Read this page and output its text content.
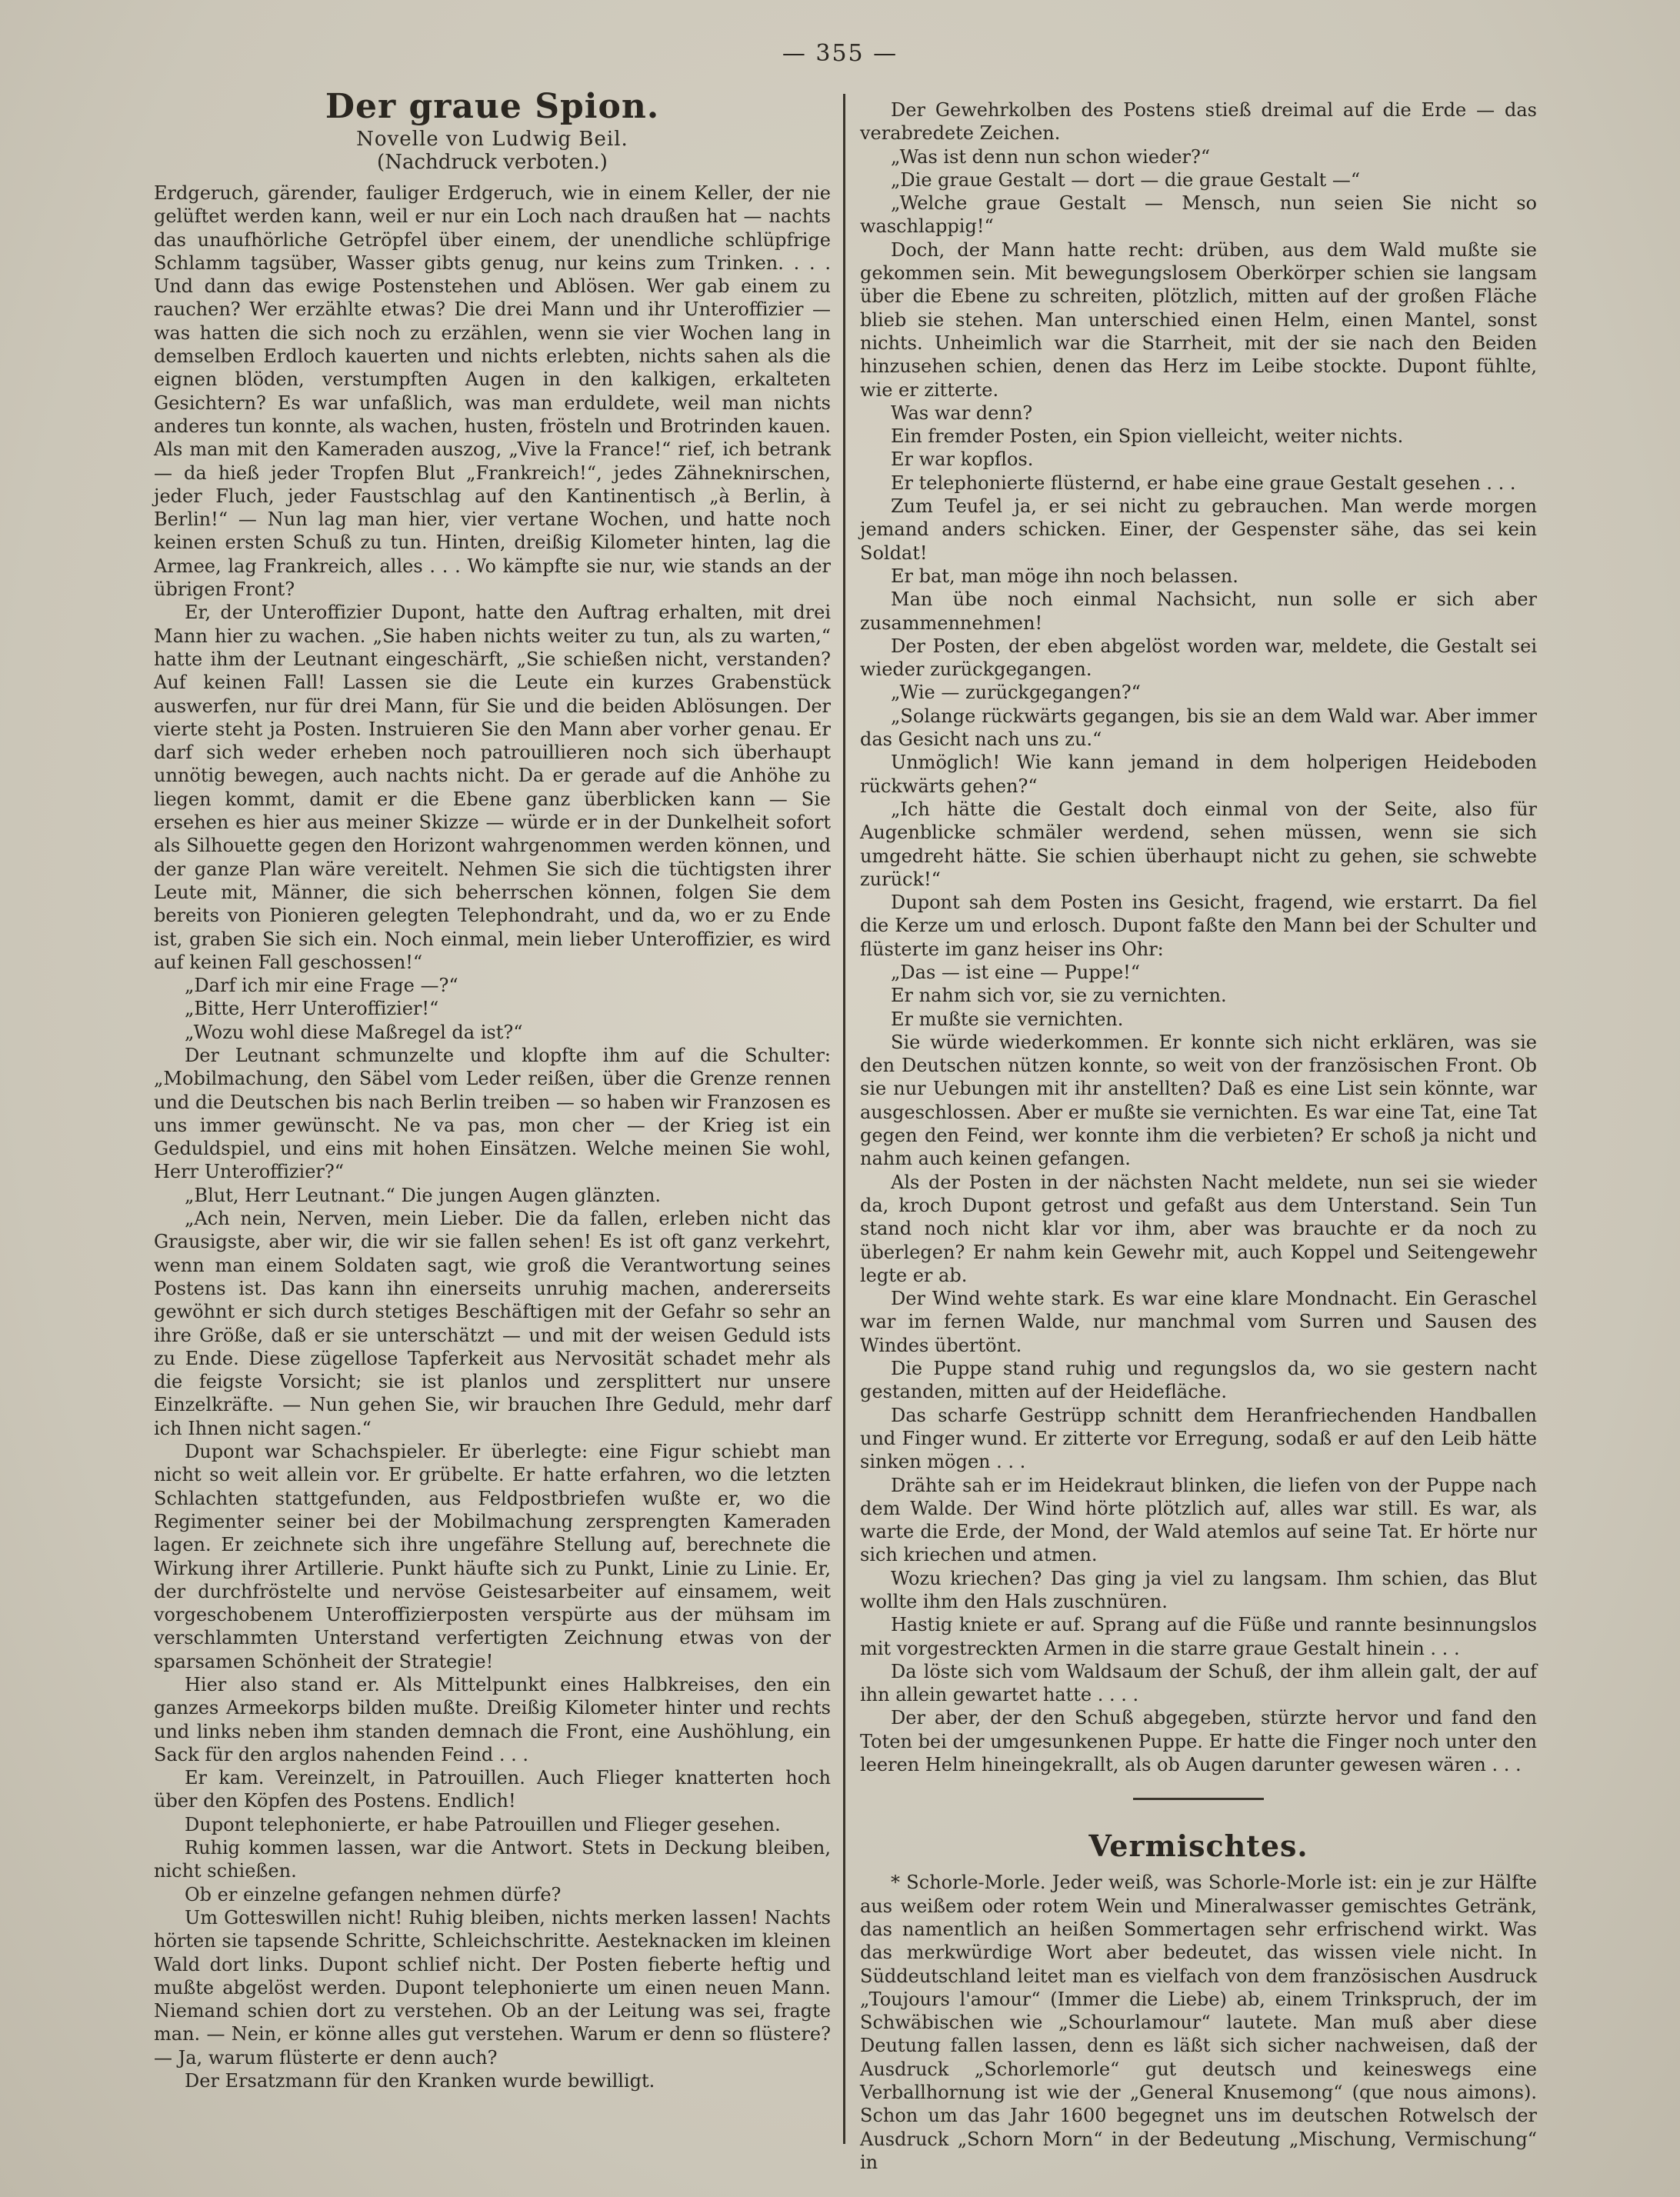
— 355 —
Der graue Spion.
Novelle von Ludwig Beil.
(Nachdruck verboten.)

Erdgeruch, gärender, fauliger Erdgeruch, wie in einem Keller, der nie gelüftet werden kann, weil er nur ein Loch nach draußen hat — nachts das unaufhörliche Getröpfel über einem, der unendliche schlüpfrige Schlamm tagsüber, Wasser gibts genug, nur keins zum Trinken. . . . Und dann das ewige Postenstehen und Ablösen. Wer gab einem zu rauchen? Wer erzählte etwas? Die drei Mann und ihr Unteroffizier — was hatten die sich noch zu erzählen, wenn sie vier Wochen lang in demselben Erdloch kauerten und nichts erlebten, nichts sahen als die eignen blöden, verstumpften Augen in den kalkigen, erkalteten Gesichtern? Es war unfaßlich, was man erduldete, weil man nichts anderes tun konnte, als wachen, husten, frösteln und Brotrinden kauen. Als man mit den Kameraden auszog, „Vive la France!“ rief, ich betrank — da hieß jeder Tropfen Blut „Frankreich!“, jedes Zähneknirschen, jeder Fluch, jeder Faustschlag auf den Kantinentisch „à Berlin, à Berlin!“ — Nun lag man hier, vier vertane Wochen, und hatte noch keinen ersten Schuß zu tun. Hinten, dreißig Kilometer hinten, lag die Armee, lag Frankreich, alles . . . Wo kämpfte sie nur, wie stands an der übrigen Front?

Er, der Unteroffizier Dupont, hatte den Auftrag erhalten, mit drei Mann hier zu wachen. „Sie haben nichts weiter zu tun, als zu warten,“ hatte ihm der Leutnant eingeschärft, „Sie schießen nicht, verstanden? Auf keinen Fall! Lassen sie die Leute ein kurzes Grabenstück auswerfen, nur für drei Mann, für Sie und die beiden Ablösungen. Der vierte steht ja Posten. Instruieren Sie den Mann aber vorher genau. Er darf sich weder erheben noch patrouillieren noch sich überhaupt unnötig bewegen, auch nachts nicht. Da er gerade auf die Anhöhe zu liegen kommt, damit er die Ebene ganz überblicken kann — Sie ersehen es hier aus meiner Skizze — würde er in der Dunkelheit sofort als Silhouette gegen den Horizont wahrgenommen werden können, und der ganze Plan wäre vereitelt. Nehmen Sie sich die tüchtigsten ihrer Leute mit, Männer, die sich beherrschen können, folgen Sie dem bereits von Pionieren gelegten Telephondraht, und da, wo er zu Ende ist, graben Sie sich ein. Noch einmal, mein lieber Unteroffizier, es wird auf keinen Fall geschossen!“

„Darf ich mir eine Frage —?“

„Bitte, Herr Unteroffizier!“

„Wozu wohl diese Maßregel da ist?“

Der Leutnant schmunzelte und klopfte ihm auf die Schulter: „Mobilmachung, den Säbel vom Leder reißen, über die Grenze rennen und die Deutschen bis nach Berlin treiben — so haben wir Franzosen es uns immer gewünscht. Ne va pas, mon cher — der Krieg ist ein Geduldspiel, und eins mit hohen Einsätzen. Welche meinen Sie wohl, Herr Unteroffizier?“

„Blut, Herr Leutnant.“ Die jungen Augen glänzten.

„Ach nein, Nerven, mein Lieber. Die da fallen, erleben nicht das Grausigste, aber wir, die wir sie fallen sehen! Es ist oft ganz verkehrt, wenn man einem Soldaten sagt, wie groß die Verantwortung seines Postens ist. Das kann ihn einerseits unruhig machen, andererseits gewöhnt er sich durch stetiges Beschäftigen mit der Gefahr so sehr an ihre Größe, daß er sie unterschätzt — und mit der weisen Geduld ists zu Ende. Diese zügellose Tapferkeit aus Nervosität schadet mehr als die feigste Vorsicht; sie ist planlos und zersplittert nur unsere Einzelkräfte. — Nun gehen Sie, wir brauchen Ihre Geduld, mehr darf ich Ihnen nicht sagen.“

Dupont war Schachspieler. Er überlegte: eine Figur schiebt man nicht so weit allein vor. Er grübelte. Er hatte erfahren, wo die letzten Schlachten stattgefunden, aus Feldpostbriefen wußte er, wo die Regimenter seiner bei der Mobilmachung zersprengten Kameraden lagen. Er zeichnete sich ihre ungefähre Stellung auf, berechnete die Wirkung ihrer Artillerie. Punkt häufte sich zu Punkt, Linie zu Linie. Er, der durchfröstelte und nervöse Geistesarbeiter auf einsamem, weit vorgeschobenem Unteroffizierposten verspürte aus der mühsam im verschlammten Unterstand verfertigten Zeichnung etwas von der sparsamen Schönheit der Strategie!

Hier also stand er. Als Mittelpunkt eines Halbkreises, den ein ganzes Armeekorps bilden mußte. Dreißig Kilometer hinter und rechts und links neben ihm standen demnach die Front, eine Aushöhlung, ein Sack für den arglos nahenden Feind . . .

Er kam. Vereinzelt, in Patrouillen. Auch Flieger knatterten hoch über den Köpfen des Postens. Endlich!

Dupont telephonierte, er habe Patrouillen und Flieger gesehen.

Ruhig kommen lassen, war die Antwort. Stets in Deckung bleiben, nicht schießen.

Ob er einzelne gefangen nehmen dürfe?

Um Gotteswillen nicht! Ruhig bleiben, nichts merken lassen! Nachts hörten sie tapsende Schritte, Schleichschritte. Aesteknacken im kleinen Wald dort links. Dupont schlief nicht. Der Posten fieberte heftig und mußte abgelöst werden. Dupont telephonierte um einen neuen Mann. Niemand schien dort zu verstehen. Ob an der Leitung was sei, fragte man. — Nein, er könne alles gut verstehen. Warum er denn so flüstere? — Ja, warum flüsterte er denn auch?

Der Ersatzmann für den Kranken wurde bewilligt.

Der Gewehrkolben des Postens stieß dreimal auf die Erde — das verabredete Zeichen.

„Was ist denn nun schon wieder?“

„Die graue Gestalt — dort — die graue Gestalt —“

„Welche graue Gestalt — Mensch, nun seien Sie nicht so waschlappig!“

Doch, der Mann hatte recht: drüben, aus dem Wald mußte sie gekommen sein. Mit bewegungslosem Oberkörper schien sie langsam über die Ebene zu schreiten, plötzlich, mitten auf der großen Fläche blieb sie stehen. Man unterschied einen Helm, einen Mantel, sonst nichts. Unheimlich war die Starrheit, mit der sie nach den Beiden hinzusehen schien, denen das Herz im Leibe stockte. Dupont fühlte, wie er zitterte.

Was war denn?

Ein fremder Posten, ein Spion vielleicht, weiter nichts.

Er war kopflos.

Er telephonierte flüsternd, er habe eine graue Gestalt gesehen . . .

Zum Teufel ja, er sei nicht zu gebrauchen. Man werde morgen jemand anders schicken. Einer, der Gespenster sähe, das sei kein Soldat!

Er bat, man möge ihn noch belassen.

Man übe noch einmal Nachsicht, nun solle er sich aber zusammennehmen!

Der Posten, der eben abgelöst worden war, meldete, die Gestalt sei wieder zurückgegangen.

„Wie — zurückgegangen?“

„Solange rückwärts gegangen, bis sie an dem Wald war. Aber immer das Gesicht nach uns zu.“

Unmöglich! Wie kann jemand in dem holperigen Heideboden rückwärts gehen?“

„Ich hätte die Gestalt doch einmal von der Seite, also für Augenblicke schmäler werdend, sehen müssen, wenn sie sich umgedreht hätte. Sie schien überhaupt nicht zu gehen, sie schwebte zurück!“

Dupont sah dem Posten ins Gesicht, fragend, wie erstarrt. Da fiel die Kerze um und erlosch. Dupont faßte den Mann bei der Schulter und flüsterte im ganz heiser ins Ohr:

„Das — ist eine — Puppe!“

Er nahm sich vor, sie zu vernichten.

Er mußte sie vernichten.

Sie würde wiederkommen. Er konnte sich nicht erklären, was sie den Deutschen nützen konnte, so weit von der französischen Front. Ob sie nur Uebungen mit ihr anstellten? Daß es eine List sein könnte, war ausgeschlossen. Aber er mußte sie vernichten. Es war eine Tat, eine Tat gegen den Feind, wer konnte ihm die verbieten? Er schoß ja nicht und nahm auch keinen gefangen.

Als der Posten in der nächsten Nacht meldete, nun sei sie wieder da, kroch Dupont getrost und gefaßt aus dem Unterstand. Sein Tun stand noch nicht klar vor ihm, aber was brauchte er da noch zu überlegen? Er nahm kein Gewehr mit, auch Koppel und Seitengewehr legte er ab.

Der Wind wehte stark. Es war eine klare Mondnacht. Ein Geraschel war im fernen Walde, nur manchmal vom Surren und Sausen des Windes übertönt.

Die Puppe stand ruhig und regungslos da, wo sie gestern nacht gestanden, mitten auf der Heidefläche.

Das scharfe Gestrüpp schnitt dem Heranfriechenden Handballen und Finger wund. Er zitterte vor Erregung, sodaß er auf den Leib hätte sinken mögen . . .

Drähte sah er im Heidekraut blinken, die liefen von der Puppe nach dem Walde. Der Wind hörte plötzlich auf, alles war still. Es war, als warte die Erde, der Mond, der Wald atemlos auf seine Tat. Er hörte nur sich kriechen und atmen.

Wozu kriechen? Das ging ja viel zu langsam. Ihm schien, das Blut wollte ihm den Hals zuschnüren.

Hastig kniete er auf. Sprang auf die Füße und rannte besinnungslos mit vorgestreckten Armen in die starre graue Gestalt hinein . . .

Da löste sich vom Waldsaum der Schuß, der ihm allein galt, der auf ihn allein gewartet hatte . . . .

Der aber, der den Schuß abgegeben, stürzte hervor und fand den Toten bei der umgesunkenen Puppe. Er hatte die Finger noch unter den leeren Helm hineingekrallt, als ob Augen darunter gewesen wären . . .

Vermischtes.

* Schorle-Morle. Jeder weiß, was Schorle-Morle ist: ein je zur Hälfte aus weißem oder rotem Wein und Mineralwasser gemischtes Getränk, das namentlich an heißen Sommertagen sehr erfrischend wirkt. Was das merkwürdige Wort aber bedeutet, das wissen viele nicht. In Süddeutschland leitet man es vielfach von dem französischen Ausdruck „Toujours l'amour“ (Immer die Liebe) ab, einem Trinkspruch, der im Schwäbischen wie „Schourlamour“ lautete. Man muß aber diese Deutung fallen lassen, denn es läßt sich sicher nachweisen, daß der Ausdruck „Schorlemorle“ gut deutsch und keineswegs eine Verballhornung ist wie der „General Knusemong“ (que nous aimons). Schon um das Jahr 1600 begegnet uns im deutschen Rotwelsch der Ausdruck „Schorn Morn“ in der Bedeutung „Mischung, Vermischung“ in
